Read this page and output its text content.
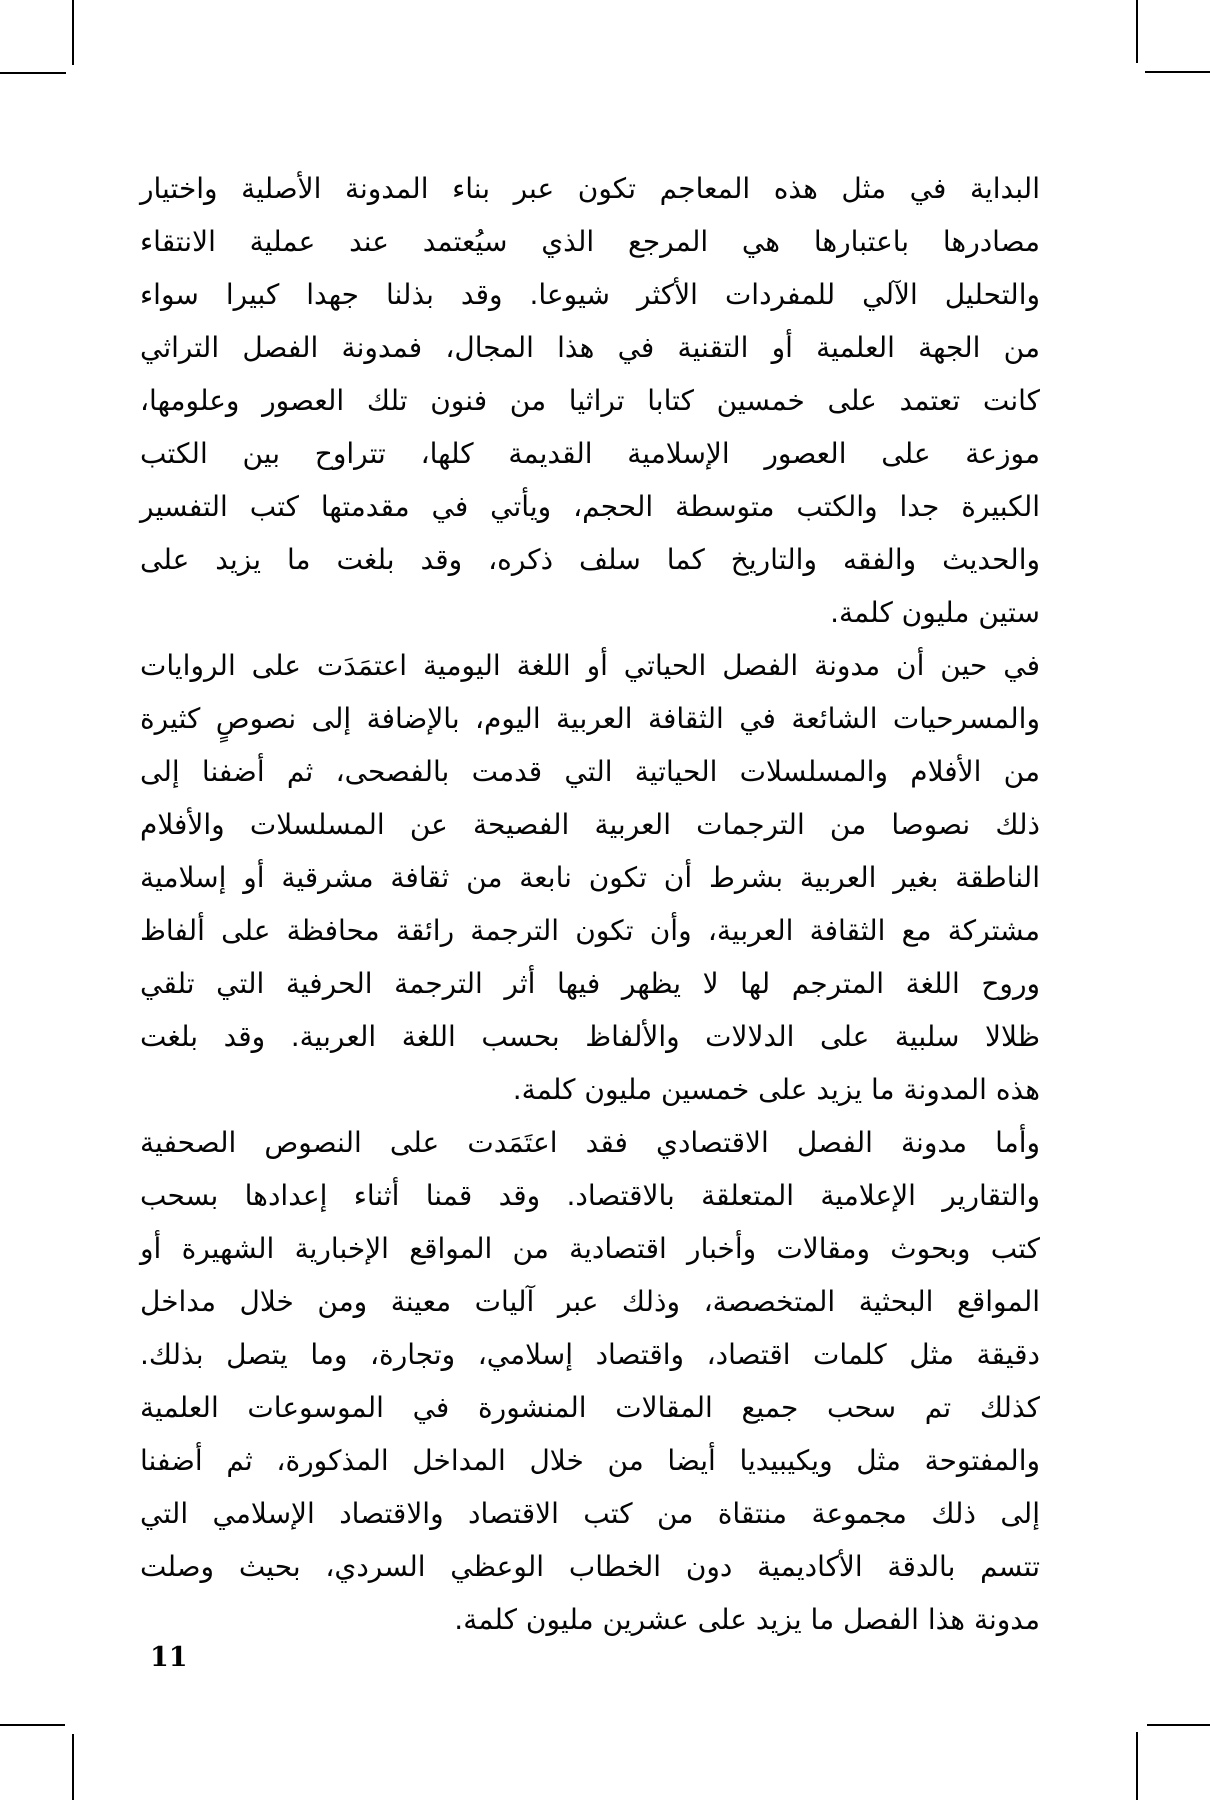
البداية في مثل هذه المعاجم تكون عبر بناء المدونة الأصلية واختيار
مصادرها باعتبارها هي المرجع الذي سيُعتمد عند عملية الانتقاء
والتحليل الآلي للمفردات الأكثر شيوعا. وقد بذلنا جهدا كبيرا سواء
من الجهة العلمية أو التقنية في هذا المجال، فمدونة الفصل التراثي
كانت تعتمد على خمسين كتابا تراثيا من فنون تلك العصور وعلومها،
موزعة على العصور الإسلامية القديمة كلها، تتراوح بين الكتب
الكبيرة جدا والكتب متوسطة الحجم، ويأتي في مقدمتها كتب التفسير
والحديث والفقه والتاريخ كما سلف ذكره، وقد بلغت ما يزيد على
ستين مليون كلمة.
في حين أن مدونة الفصل الحياتي أو اللغة اليومية اعتمَدَت على الروايات
والمسرحيات الشائعة في الثقافة العربية اليوم، بالإضافة إلى نصوصٍ كثيرة
من الأفلام والمسلسلات الحياتية التي قدمت بالفصحى، ثم أضفنا إلى
ذلك نصوصا من الترجمات العربية الفصيحة عن المسلسلات والأفلام
الناطقة بغير العربية بشرط أن تكون نابعة من ثقافة مشرقية أو إسلامية
مشتركة مع الثقافة العربية، وأن تكون الترجمة رائقة محافظة على ألفاظ
وروح اللغة المترجم لها لا يظهر فيها أثر الترجمة الحرفية التي تلقي
ظلالا سلبية على الدلالات والألفاظ بحسب اللغة العربية. وقد بلغت
هذه المدونة ما يزيد على خمسين مليون كلمة.
وأما مدونة الفصل الاقتصادي فقد اعتَمَدت على النصوص الصحفية
والتقارير الإعلامية المتعلقة بالاقتصاد. وقد قمنا أثناء إعدادها بسحب
كتب وبحوث ومقالات وأخبار اقتصادية من المواقع الإخبارية الشهيرة أو
المواقع البحثية المتخصصة، وذلك عبر آليات معينة ومن خلال مداخل
دقيقة مثل كلمات اقتصاد، واقتصاد إسلامي، وتجارة، وما يتصل بذلك.
كذلك تم سحب جميع المقالات المنشورة في الموسوعات العلمية
والمفتوحة مثل ويكيبيديا أيضا من خلال المداخل المذكورة، ثم أضفنا
إلى ذلك مجموعة منتقاة من كتب الاقتصاد والاقتصاد الإسلامي التي
تتسم بالدقة الأكاديمية دون الخطاب الوعظي السردي، بحيث وصلت
مدونة هذا الفصل ما يزيد على عشرين مليون كلمة.
11
